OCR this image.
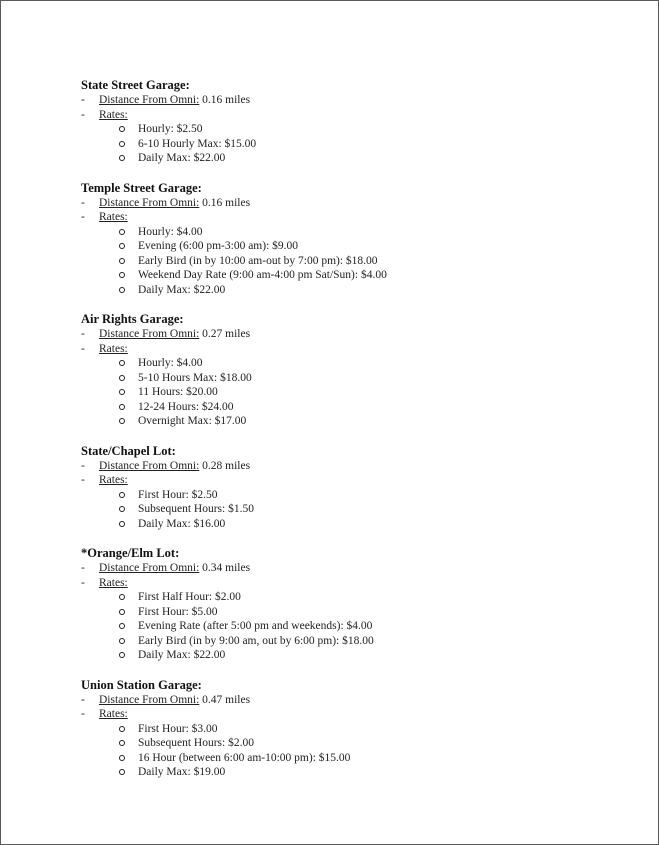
State Street Garage:
- Distance From Omni: 0.16 miles
- Rates:
Hourly: $2.50
6-10 Hourly Max: $15.00
Daily Max: $22.00
Temple Street Garage:
- Distance From Omni: 0.16 miles
- Rates:
Hourly: $4.00
Evening (6:00 pm-3:00 am): $9.00
Early Bird (in by 10:00 am-out by 7:00 pm): $18.00
Weekend Day Rate (9:00 am-4:00 pm Sat/Sun): $4.00
Daily Max: $22.00
Air Rights Garage:
- Distance From Omni: 0.27 miles
- Rates:
Hourly: $4.00
5-10 Hours Max: $18.00
11 Hours: $20.00
12-24 Hours: $24.00
Overnight Max: $17.00
State/Chapel Lot:
- Distance From Omni: 0.28 miles
- Rates:
First Hour: $2.50
Subsequent Hours: $1.50
Daily Max: $16.00
*Orange/Elm Lot:
- Distance From Omni: 0.34 miles
- Rates:
First Half Hour: $2.00
First Hour: $5.00
Evening Rate (after 5:00 pm and weekends): $4.00
Early Bird (in by 9:00 am, out by 6:00 pm): $18.00
Daily Max: $22.00
Union Station Garage:
- Distance From Omni: 0.47 miles
- Rates:
First Hour: $3.00
Subsequent Hours: $2.00
16 Hour (between 6:00 am-10:00 pm): $15.00
Daily Max: $19.00
